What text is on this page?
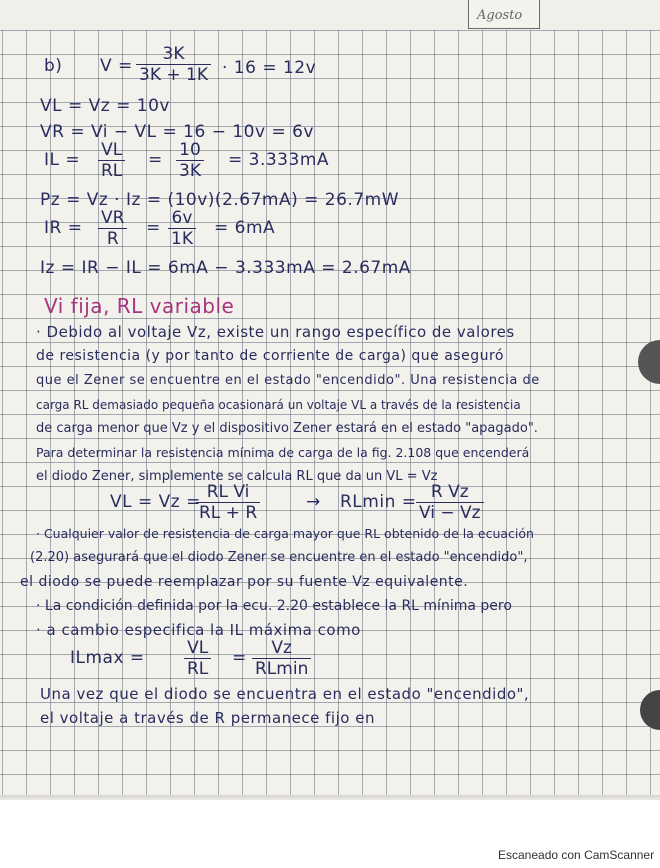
Agosto
b) $V = \frac{3K}{3K + 1K} \cdot 16 = 12v$
VL = Vz = 10v
VR = Vi − VL = 16 − 10v = 6v
IL = $\frac{VL}{RL} = \frac{10}{3K} = 3.333mA$
Pz = Vz · Iz = (10v)(2.67mA) = 26.7mW
IR = $\frac{VR}{R} = \frac{6v}{1K} = 6mA$
Iz = IR − IL = 6mA − 3.333mA = 2.67mA
Vi fija, RL variable
· Debido al voltaje Vz, existe un rango específico de valores
de resistencia (y por tanto de corriente de carga) que aseguró
que el Zener se encuentre en el estado "encendido". Una resistencia de
carga RL demasiado pequeña ocasionará un voltaje VL a través de la resistencia
de carga menor que Vz y el dispositivo Zener estará en el estado "apagado".
Para determinar la resistencia mínima de carga de la fig. 2.108 que encenderá
el diodo Zener, simplemente se calcula RL que da un VL = Vz
VL = Vz =
$\frac{\text{RL Vi}}{RL + R}$	→ $RLmin = \frac{\text{R Vz}}{Vi - Vz}$
· Cualquier valor de resistencia de carga mayor que RL obtenido de la ecuación
(2.20) asegurará que el diodo Zener se encuentre en el estado "encendido",
el diodo se puede reemplazar por su fuente Vz equivalente.
· La condición definida por la ecu. 2.20 establece la RL mínima pero
· a cambio especifica la IL máxima como
$ILmax = \frac{VL}{RL}$ =	Vz
RLmin
Una vez que el diodo se encuentra en el estado "encendido",
el voltaje a través de R permanece fijo en
Escaneado con CamScanner
